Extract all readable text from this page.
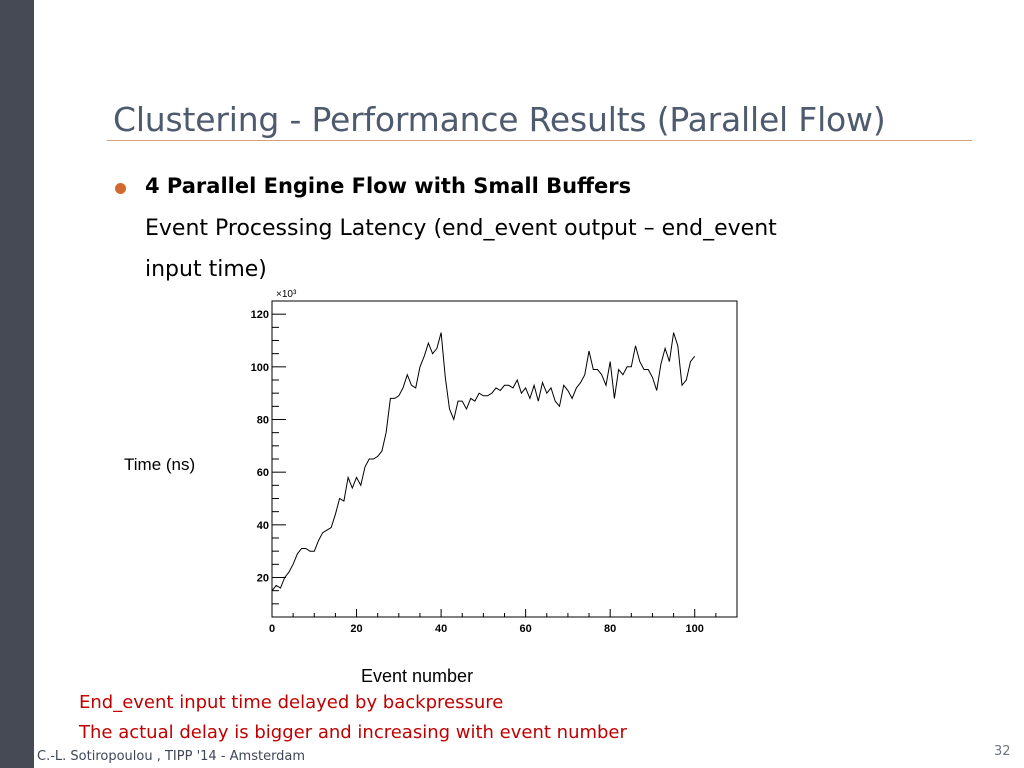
Clustering - Performance Results (Parallel Flow)
4 Parallel Engine Flow with Small Buffers
Event Processing Latency (end_event output – end_event
input time)
Time (ns)
0	20	40	60	80	100
20
40
60
80
100
120
×10³
Event number
End_event input time delayed by backpressure
The actual delay is bigger and increasing with event number
C.-L. Sotiropoulou , TIPP '14 - Amsterdam	32
